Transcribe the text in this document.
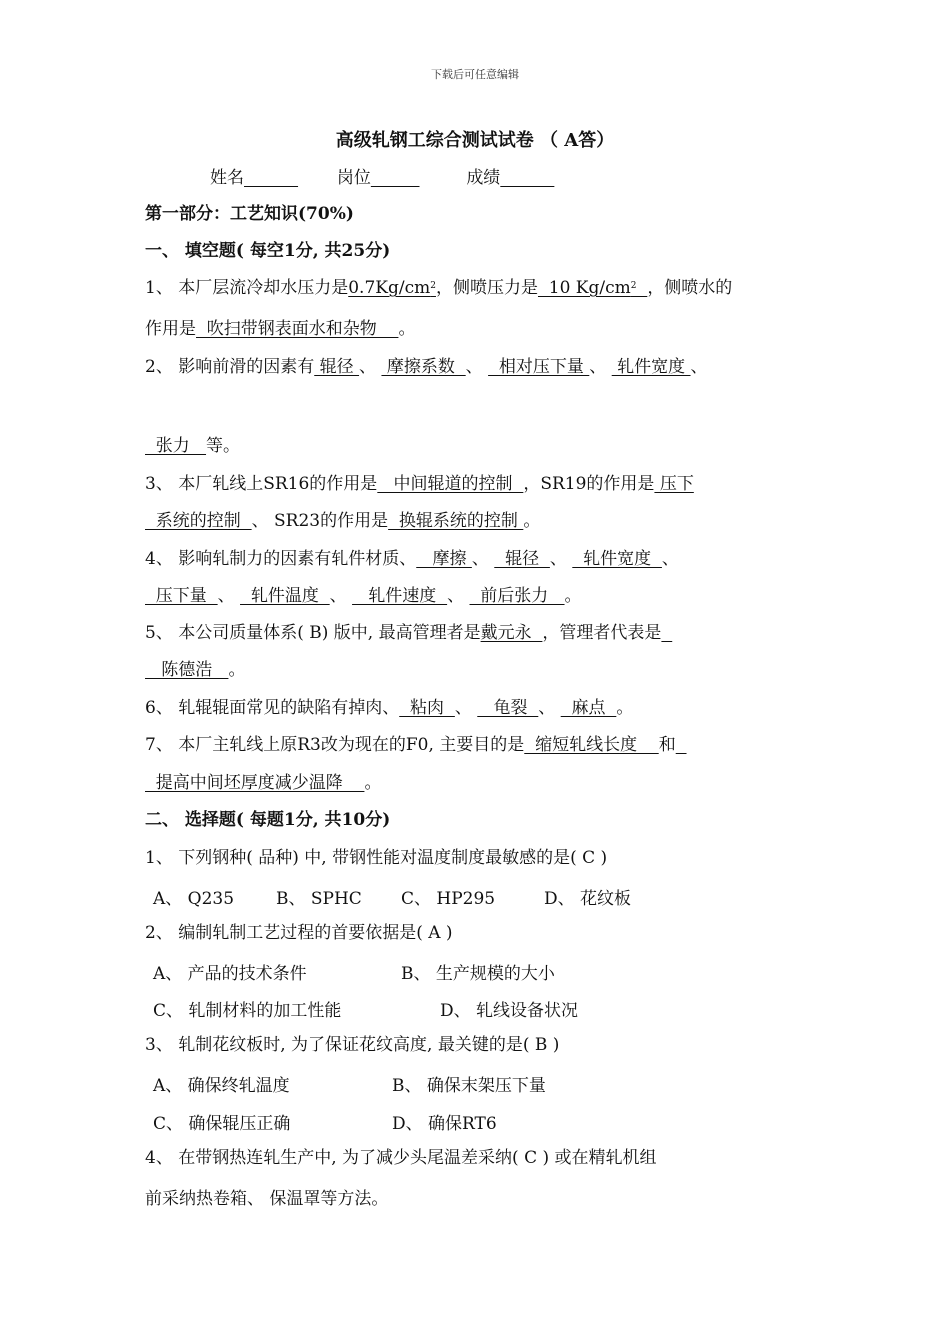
下载后可任意编辑
高级轧钢工综合测试试卷 （ A答）
姓名	岗位	成绩
第一部分：工艺知识(70%)
一、 填空题( 每空1分, 共25分)
1、 本厂层流冷却水压力是$0.7Kg/cm^2$，侧喷压力是  10 $Kg/cm^2$ ，侧喷水的
作用是  吹扫带钢表面水和杂物    。
2、 影响前滑的因素有 辊径 、  摩擦系数  、   相对压下量 、  轧件宽度 、
张力   等。
3、 本厂轧线上SR16的作用是   中间辊道的控制  ，SR19的作用是 压下
系统的控制  、 SR23的作用是  换辊系统的控制 。
4、 影响轧制力的因素有轧件材质、   摩擦 、   辊径  、   轧件宽度  、
压下量  、   轧件温度  、    轧件速度  、   前后张力   。
5、 本公司质量体系( B) 版中, 最高管理者是戴元永  ，管理者代表是
陈德浩   。
6、 轧辊辊面常见的缺陷有掉肉、  粘肉  、    龟裂  、   麻点  。
7、 本厂主轧线上原R3改为现在的F0, 主要目的是  缩短轧线长度    和
提高中间坯厚度减少温降    。
二、 选择题( 每题1分, 共10分)
1、 下列钢种( 品种) 中, 带钢性能对温度制度最敏感的是( C )
A、 Q235 B、 SPHC C、 HP295	D、 花纹板
2、 编制轧制工艺过程的首要依据是( A )
A、 产品的技术条件	B、 生产规模的大小
C、 轧制材料的加工性能	D、 轧线设备状况
3、 轧制花纹板时, 为了保证花纹高度, 最关键的是( B )
A、 确保终轧温度	B、 确保末架压下量
C、 确保辊压正确	D、 确保RT6
4、 在带钢热连轧生产中, 为了减少头尾温差采纳( C ) 或在精轧机组
前采纳热卷箱、 保温罩等方法。
